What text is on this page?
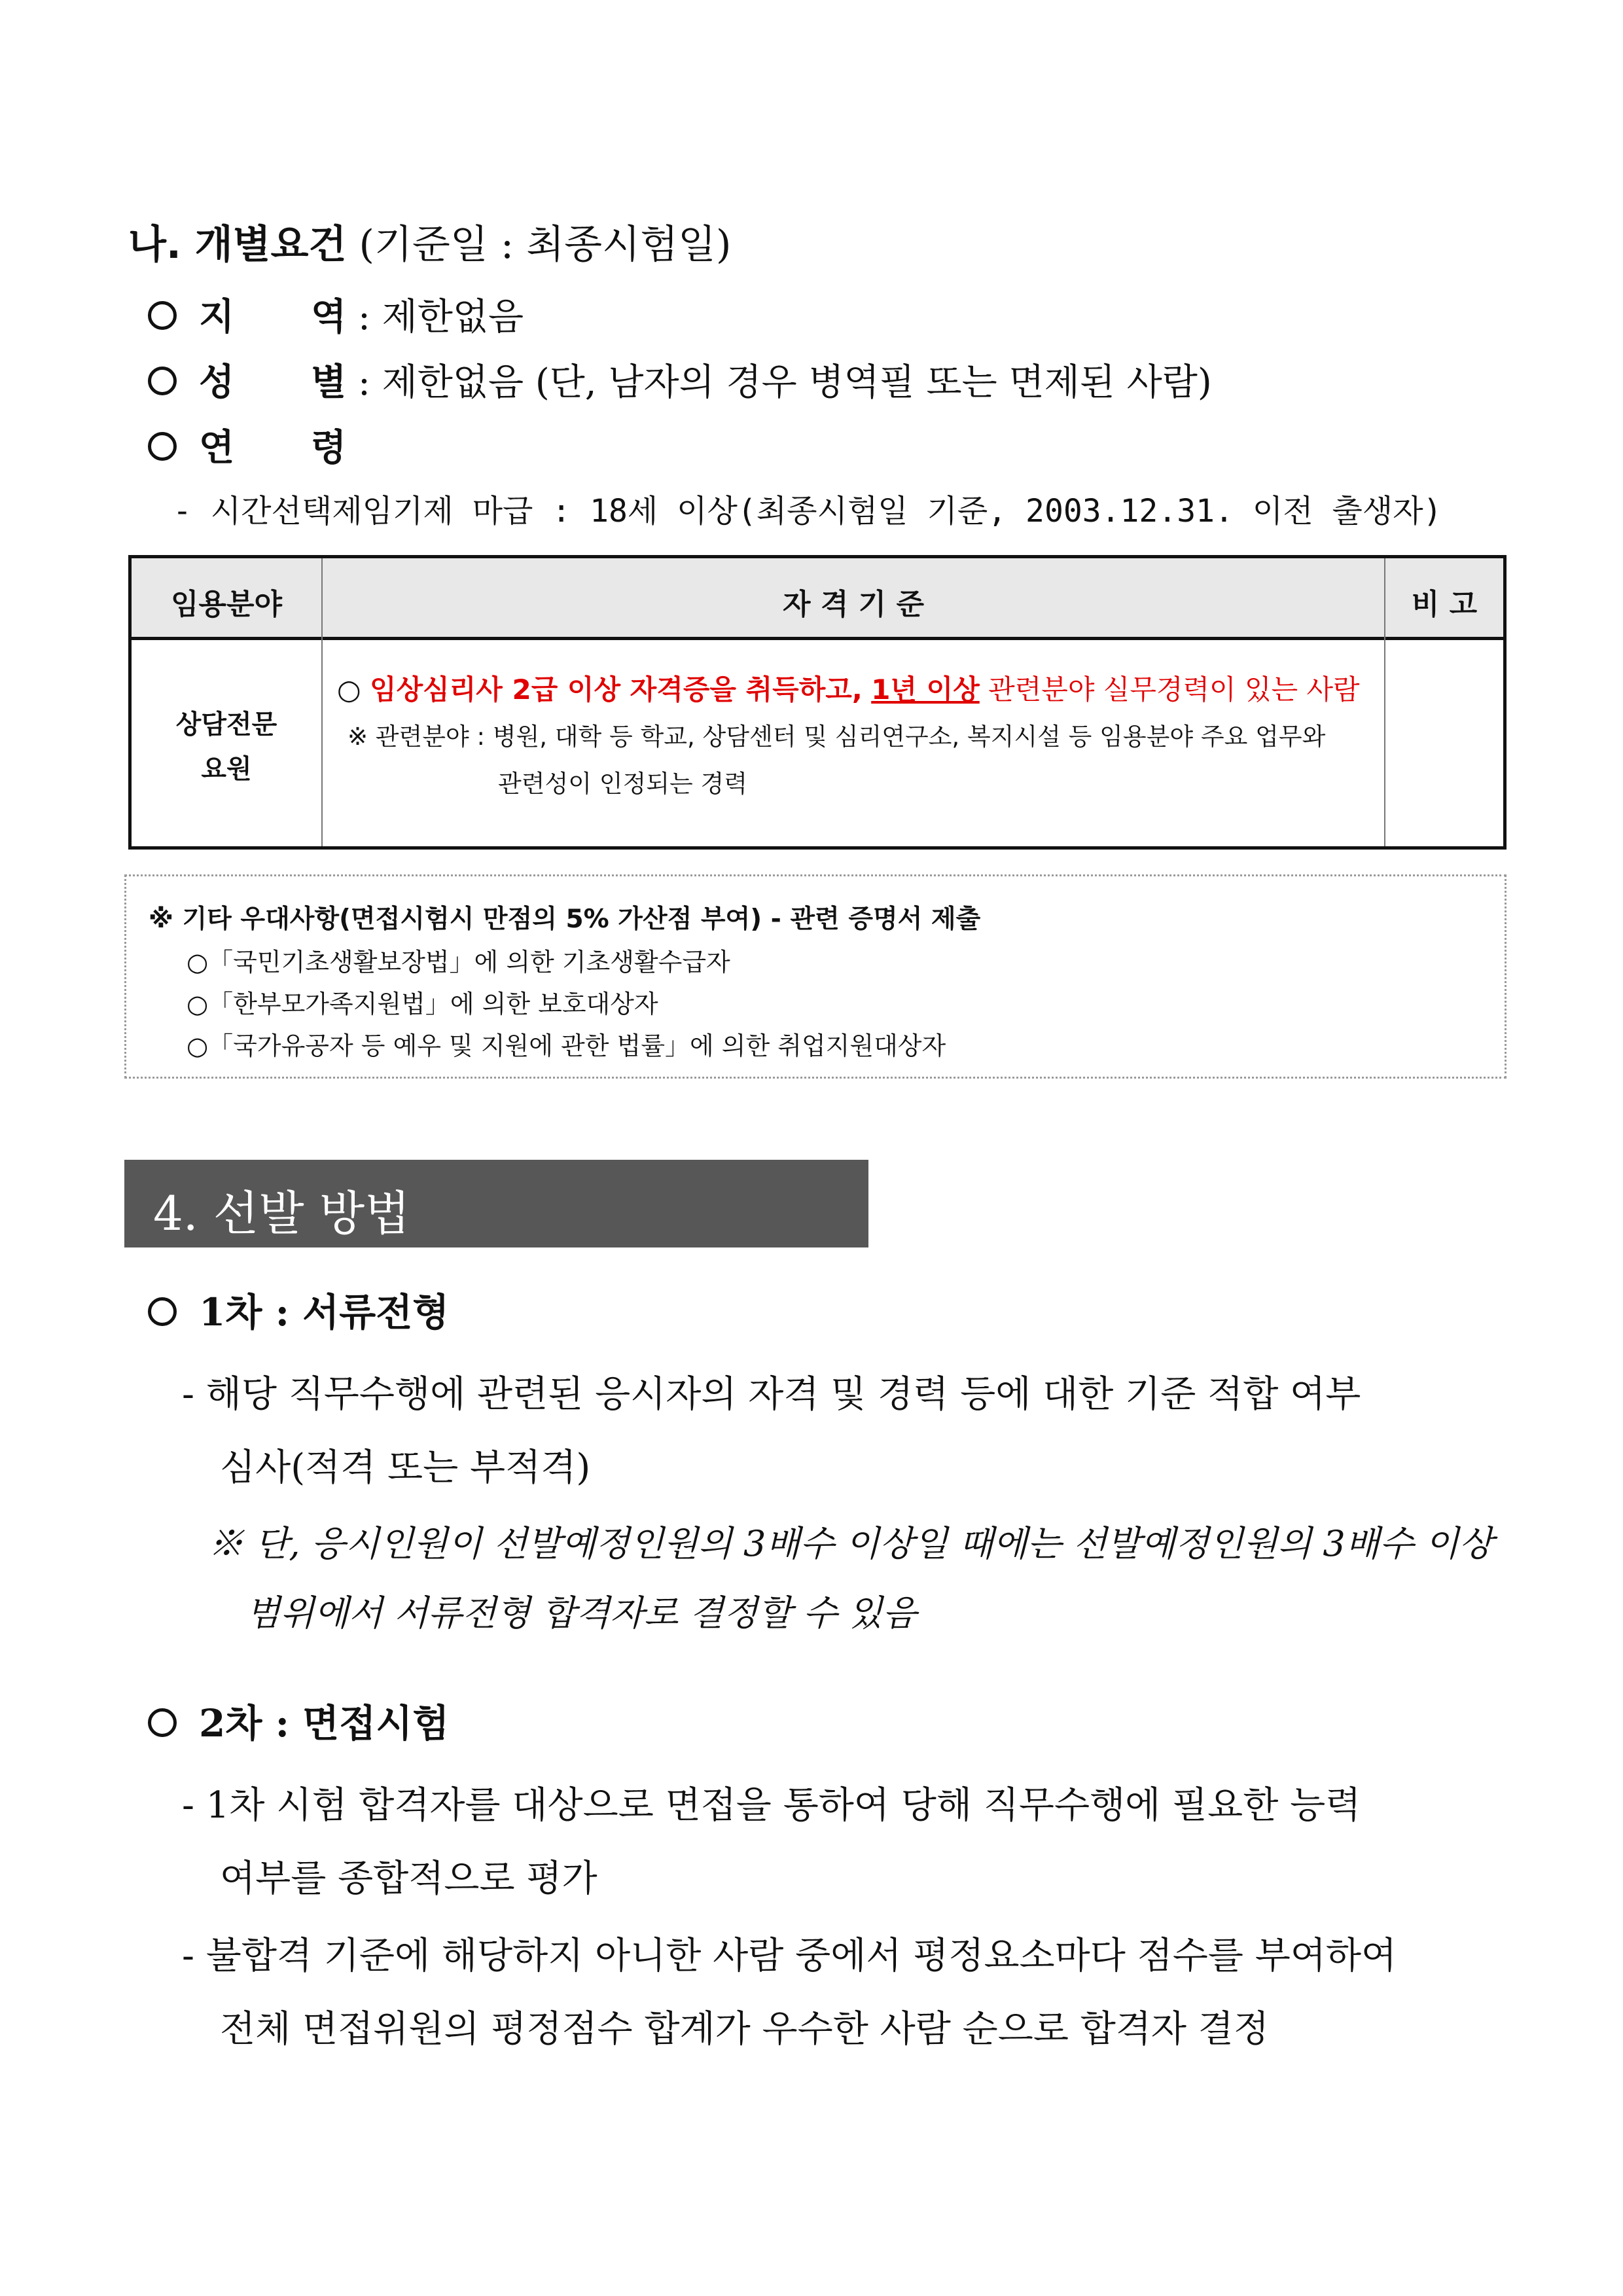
나. 개별요건 (기준일 : 최종시험일)
지      역 : 제한없음
성      별 : 제한없음 (단, 남자의 경우 병역필 또는 면제된 사람)
연      령
- 시간선택제임기제 마급 : 18세 이상(최종시험일 기준, 2003.12.31. 이전 출생자)
임용분야	자 격 기 준	비 고
상담전문
요원
○ 임상심리사 2급 이상 자격증을 취득하고, 1년 이상 관련분야 실무경력이 있는 사람
※ 관련분야 : 병원, 대학 등 학교, 상담센터 및 심리연구소, 복지시설 등 임용분야 주요 업무와
관련성이 인정되는 경력
※ 기타 우대사항(면접시험시 만점의 5% 가산점 부여) - 관련 증명서 제출
○「국민기초생활보장법」에 의한 기초생활수급자
○「한부모가족지원법」에 의한 보호대상자
○「국가유공자 등 예우 및 지원에 관한 법률」에 의한 취업지원대상자
4. 선발 방법
1차 : 서류전형
- 해당 직무수행에 관련된 응시자의 자격 및 경력 등에 대한 기준 적합 여부
심사(적격 또는 부적격)
※ 단, 응시인원이 선발예정인원의 3배수 이상일 때에는 선발예정인원의 3배수 이상
범위에서 서류전형 합격자로 결정할 수 있음
2차 : 면접시험
- 1차 시험 합격자를 대상으로 면접을 통하여 당해 직무수행에 필요한 능력
여부를 종합적으로 평가
- 불합격 기준에 해당하지 아니한 사람 중에서 평정요소마다 점수를 부여하여
전체 면접위원의 평정점수 합계가 우수한 사람 순으로 합격자 결정
